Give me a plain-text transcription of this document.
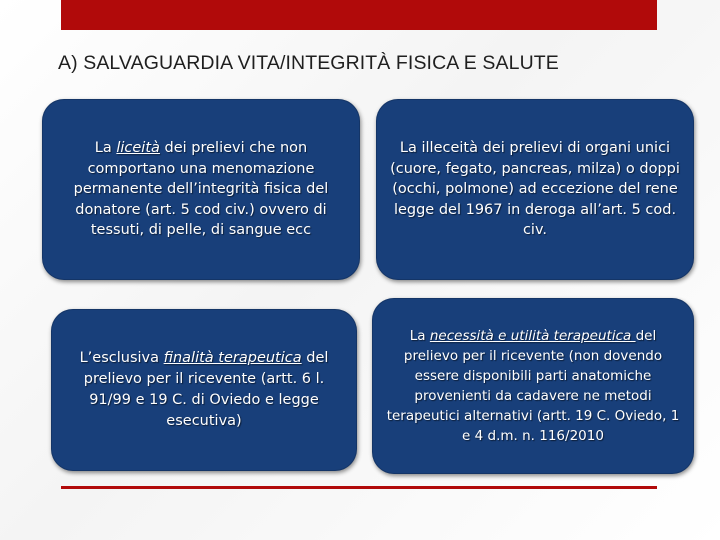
A) SALVAGUARDIA VITA/INTEGRITÀ FISICA E SALUTE

La liceità dei prelievi che non comportano una menomazione permanente dell’integrità fisica del donatore (art. 5 cod civ.) ovvero di tessuti, di pelle, di sangue ecc

La illeceità dei prelievi di organi unici (cuore, fegato, pancreas, milza) o doppi (occhi, polmone) ad eccezione del rene legge del 1967 in deroga all’art. 5 cod. civ.

L’esclusiva finalità terapeutica del prelievo per il ricevente (artt. 6 l. 91/99 e 19 C. di Oviedo e legge esecutiva)

La necessità e utilità terapeutica del prelievo per il ricevente (non dovendo essere disponibili parti anatomiche provenienti da cadavere ne metodi terapeutici alternativi (artt. 19 C. Oviedo, 1 e 4 d.m. n. 116/2010
